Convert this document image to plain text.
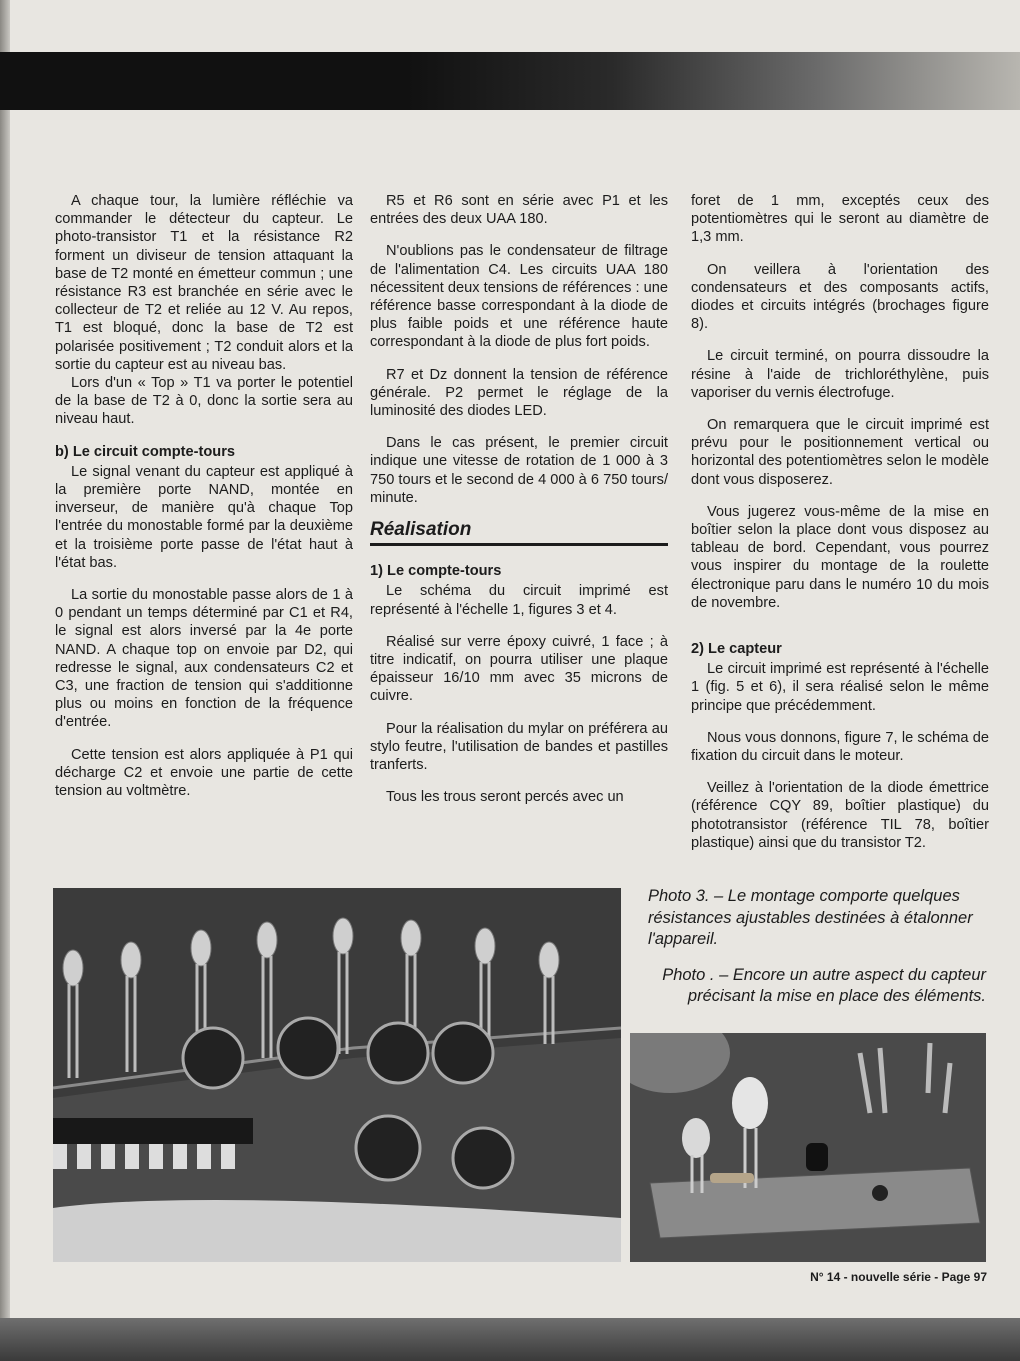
A chaque tour, la lumière réfléchie va commander le détecteur du capteur. Le photo-transistor T1 et la résistance R2 forment un diviseur de tension attaquant la base de T2 monté en émetteur commun ; une résistance R3 est branchée en série avec le collecteur de T2 et reliée au 12 V. Au repos, T1 est bloqué, donc la base de T2 est polarisée positivement ; T2 conduit alors et la sortie du capteur est au niveau bas.

Lors d'un « Top » T1 va porter le potentiel de la base de T2 à 0, donc la sortie sera au niveau haut.

b) Le circuit compte-tours

Le signal venant du capteur est appliqué à la première porte NAND, montée en inverseur, de manière qu'à chaque Top l'entrée du monostable formé par la deuxième et la troisième porte passe de l'état haut à l'état bas.

La sortie du monostable passe alors de 1 à 0 pendant un temps déterminé par C1 et R4, le signal est alors inversé par la 4e porte NAND. A chaque top on envoie par D2, qui redresse le signal, aux condensateurs C2 et C3, une fraction de tension qui s'additionne plus ou moins en fonction de la fréquence d'entrée.

Cette tension est alors appliquée à P1 qui décharge C2 et envoie une partie de cette tension au voltmètre.

R5 et R6 sont en série avec P1 et les entrées des deux UAA 180.

N'oublions pas le condensateur de filtrage de l'alimentation C4. Les circuits UAA 180 nécessitent deux tensions de références : une référence basse correspondant à la diode de plus faible poids et une référence haute correspondant à la diode de plus fort poids.

R7 et Dz donnent la tension de référence générale. P2 permet le réglage de la luminosité des diodes LED.

Dans le cas présent, le premier circuit indique une vitesse de rotation de 1 000 à 3 750 tours et le second de 4 000 à 6 750 tours/ minute.

Réalisation
1) Le compte-tours

Le schéma du circuit imprimé est représenté à l'échelle 1, figures 3 et 4.

Réalisé sur verre époxy cuivré, 1 face ; à titre indicatif, on pourra utiliser une plaque épaisseur 16/10 mm avec 35 microns de cuivre.

Pour la réalisation du mylar on préférera au stylo feutre, l'utilisation de bandes et pastilles tranferts.

Tous les trous seront percés avec un

foret de 1 mm, exceptés ceux des potentiomètres qui le seront au diamètre de 1,3 mm.

On veillera à l'orientation des condensateurs et des composants actifs, diodes et circuits intégrés (brochages figure 8).

Le circuit terminé, on pourra dissoudre la résine à l'aide de trichloréthylène, puis vaporiser du vernis électrofuge.

On remarquera que le circuit imprimé est prévu pour le positionnement vertical ou horizontal des potentiomètres selon le modèle dont vous disposerez.

Vous jugerez vous-même de la mise en boîtier selon la place dont vous disposez au tableau de bord. Cependant, vous pourrez vous inspirer du montage de la roulette électronique paru dans le numéro 10 du mois de novembre.

2) Le capteur

Le circuit imprimé est représenté à l'échelle 1 (fig. 5 et 6), il sera réalisé selon le même principe que précédemment.

Nous vous donnons, figure 7, le schéma de fixation du circuit dans le moteur.

Veillez à l'orientation de la diode émettrice (référence CQY 89, boîtier plastique) du phototransistor (référence TIL 78, boîtier plastique) ainsi que du transistor T2.

Photo 3. – Le montage comporte quelques résistances ajustables destinées à étalonner l'appareil.

Photo . – Encore un autre aspect du capteur précisant la mise en place des éléments.

N° 14 - nouvelle série - Page 97
